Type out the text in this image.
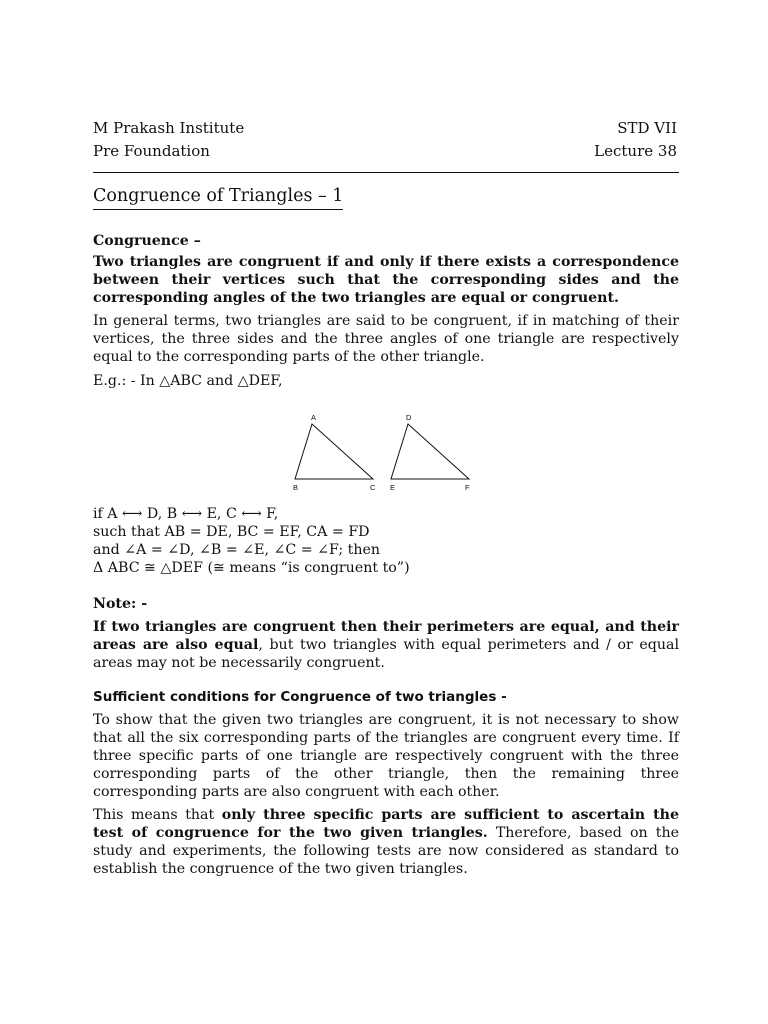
M Prakash Institute
Pre Foundation
STD VII
Lecture 38
Congruence of Triangles – 1
Congruence –

Two triangles are congruent if and only if there exists a correspondence between their vertices such that the corresponding sides and the corresponding angles of the two triangles are equal or congruent.

In general terms, two triangles are said to be congruent, if in matching of their vertices, the three sides and the three angles of one triangle are respectively equal to the corresponding parts of the other triangle.

E.g.: - In △ABC and △DEF,
A
B	C
D
E	F
if A ⟷ D, B ⟷ E, C ⟷ F,
such that AB = DE, BC = EF, CA = FD
and ∠A = ∠D, ∠B = ∠E, ∠C = ∠F; then
Δ ABC ≅ △DEF (≅ means “is congruent to”)
Note: -

If two triangles are congruent then their perimeters are equal, and their areas are also equal, but two triangles with equal perimeters and / or equal areas may not be necessarily congruent.

Sufficient conditions for Congruence of two triangles -

To show that the given two triangles are congruent, it is not necessary to show that all the six corresponding parts of the triangles are congruent every time. If three specific parts of one triangle are respectively congruent with the three corresponding parts of the other triangle, then the remaining three corresponding parts are also congruent with each other.

This means that only three specific parts are sufficient to ascertain the test of congruence for the two given triangles. Therefore, based on the study and experiments, the following tests are now considered as standard to establish the congruence of the two given triangles.
